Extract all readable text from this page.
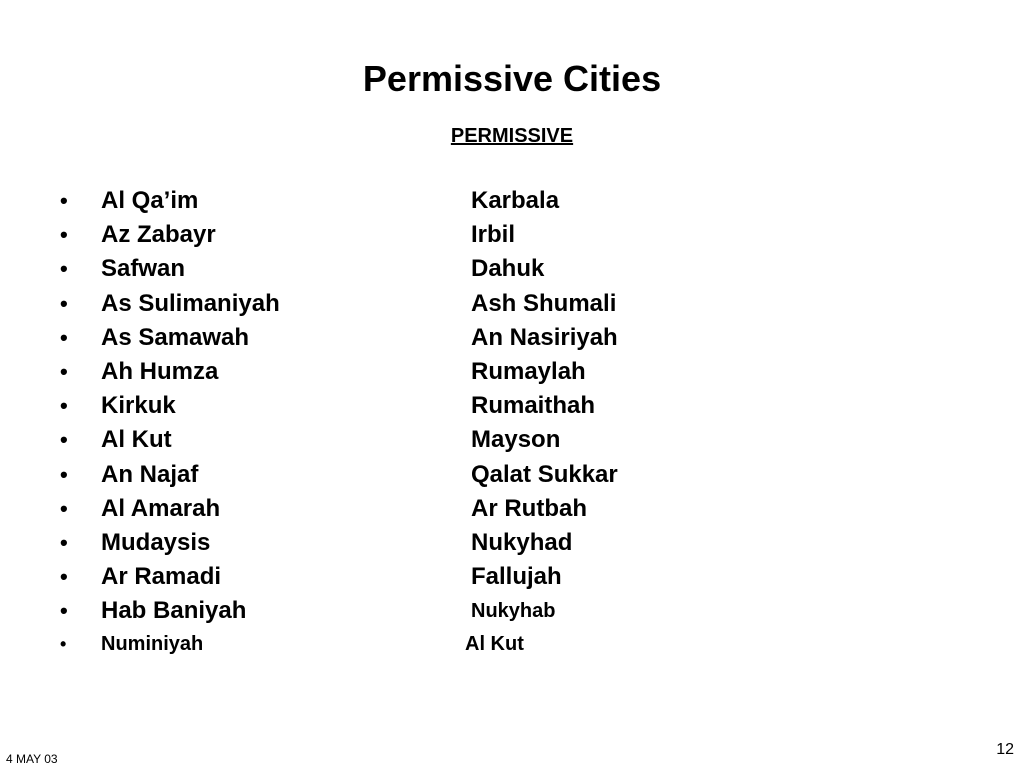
Permissive Cities
PERMISSIVE
• Al Qa’im	Karbala
• Az Zabayr	Irbil
• Safwan	Dahuk
• As Sulimaniyah	Ash Shumali
• As Samawah	An Nasiriyah
• Ah Humza	Rumaylah
• Kirkuk	Rumaithah
• Al Kut	Mayson
• An Najaf	Qalat Sukkar
• Al Amarah	Ar Rutbah
• Mudaysis	Nukyhad
• Ar Ramadi	Fallujah
• Hab Baniyah	Nukyhab
• Numiniyah	Al Kut
4 MAY 03
12
